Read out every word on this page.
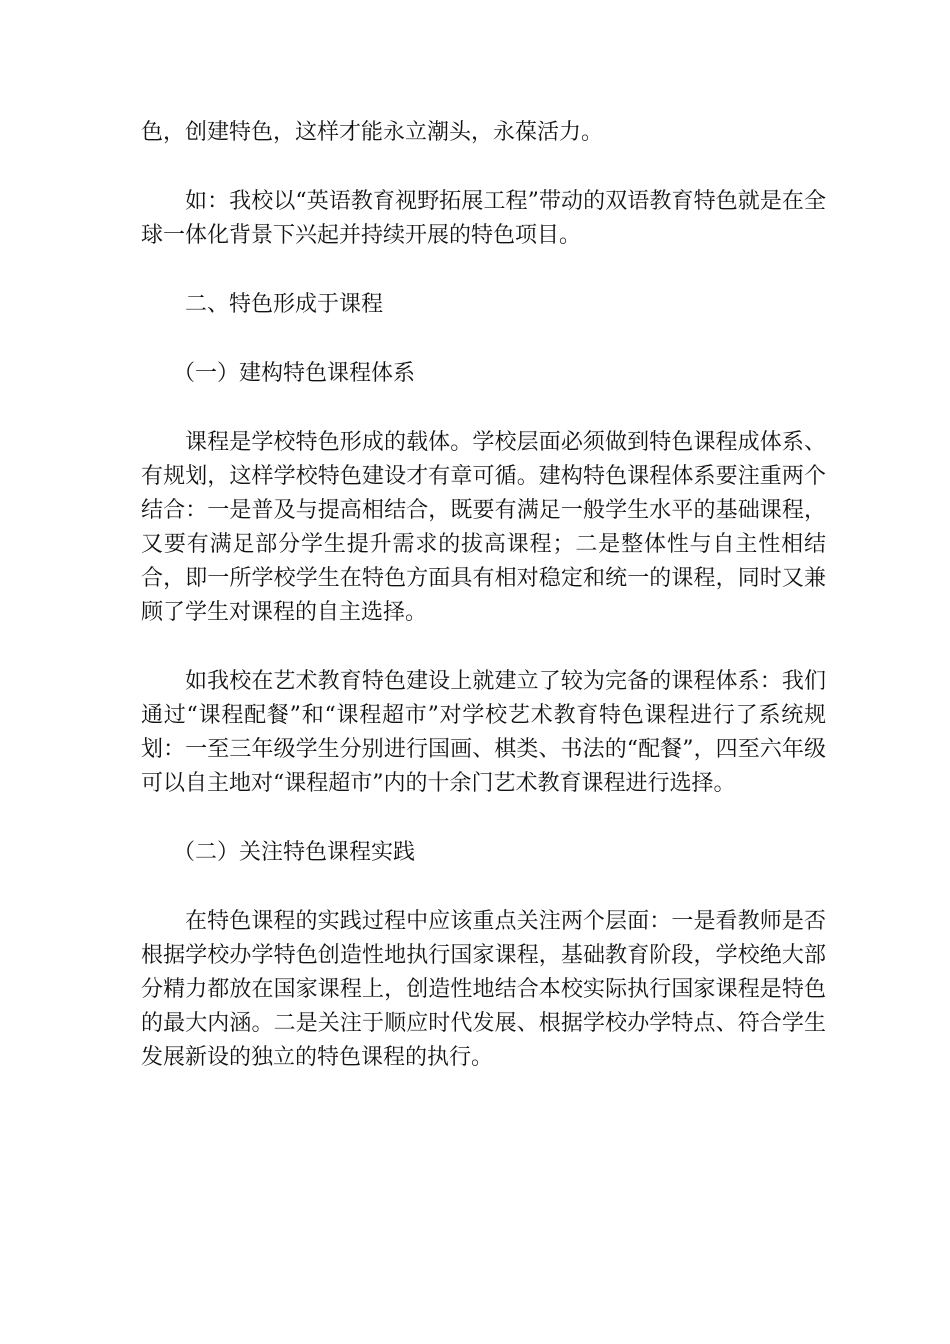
色，创建特色，这样才能永立潮头，永葆活力。

如：我校以“英语教育视野拓展工程”带动的双语教育特色就是在全球一体化背景下兴起并持续开展的特色项目。

二、特色形成于课程

（一）建构特色课程体系

课程是学校特色形成的载体。学校层面必须做到特色课程成体系、有规划，这样学校特色建设才有章可循。建构特色课程体系要注重两个结合：一是普及与提高相结合，既要有满足一般学生水平的基础课程，又要有满足部分学生提升需求的拔高课程；二是整体性与自主性相结合，即一所学校学生在特色方面具有相对稳定和统一的课程，同时又兼顾了学生对课程的自主选择。

如我校在艺术教育特色建设上就建立了较为完备的课程体系：我们通过“课程配餐”和“课程超市”对学校艺术教育特色课程进行了系统规划：一至三年级学生分别进行国画、棋类、书法的“配餐”，四至六年级可以自主地对“课程超市”内的十余门艺术教育课程进行选择。

（二）关注特色课程实践

在特色课程的实践过程中应该重点关注两个层面：一是看教师是否根据学校办学特色创造性地执行国家课程，基础教育阶段，学校绝大部分精力都放在国家课程上，创造性地结合本校实际执行国家课程是特色的最大内涵。二是关注于顺应时代发展、根据学校办学特点、符合学生发展新设的独立的特色课程的执行。
